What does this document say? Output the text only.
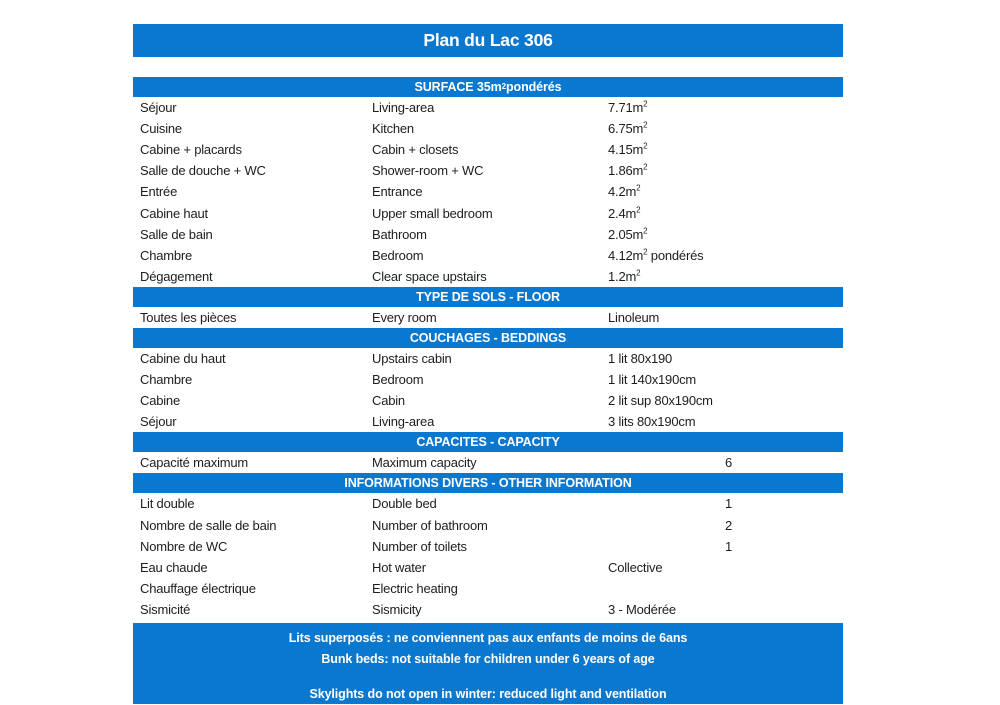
Plan du Lac 306
SURFACE 35m 2 pondérés
Séjour	Living-area	$7.71m^2$
Cuisine	Kitchen	$6.75m^2$
Cabine + placards	Cabin + closets	$4.15m^2$
Salle de douche + WC	Shower-room + WC	$1.86m^2$
Entrée	Entrance	$4.2m^2$
Cabine haut	Upper small bedroom	$2.4m^2$
Salle de bain	Bathroom	$2.05m^2$
Chambre	Bedroom	$4.12m^2$ pondérés
Dégagement	Clear space upstairs	$1.2m^2$
TYPE DE SOLS - FLOOR
Toutes les pièces	Every room	Linoleum
COUCHAGES - BEDDINGS
Cabine du haut	Upstairs cabin	1 lit 80x190
Chambre	Bedroom	1 lit 140x190cm
Cabine	Cabin	2 lit sup 80x190cm
Séjour	Living-area	3 lits 80x190cm
CAPACITES - CAPACITY
Capacité maximum	Maximum capacity	6
INFORMATIONS DIVERS - OTHER INFORMATION
Lit double	Double bed	1
Nombre de salle de bain	Number of bathroom	2
Nombre de WC	Number of toilets	1
Eau chaude	Hot water	Collective
Chauffage électrique	Electric heating
Sismicité	Sismicity	3 - Modérée
Lits superposés : ne conviennent pas aux enfants de moins de 6ans
Bunk beds: not suitable for children under 6 years of age
Skylights do not open in winter: reduced light and ventilation
